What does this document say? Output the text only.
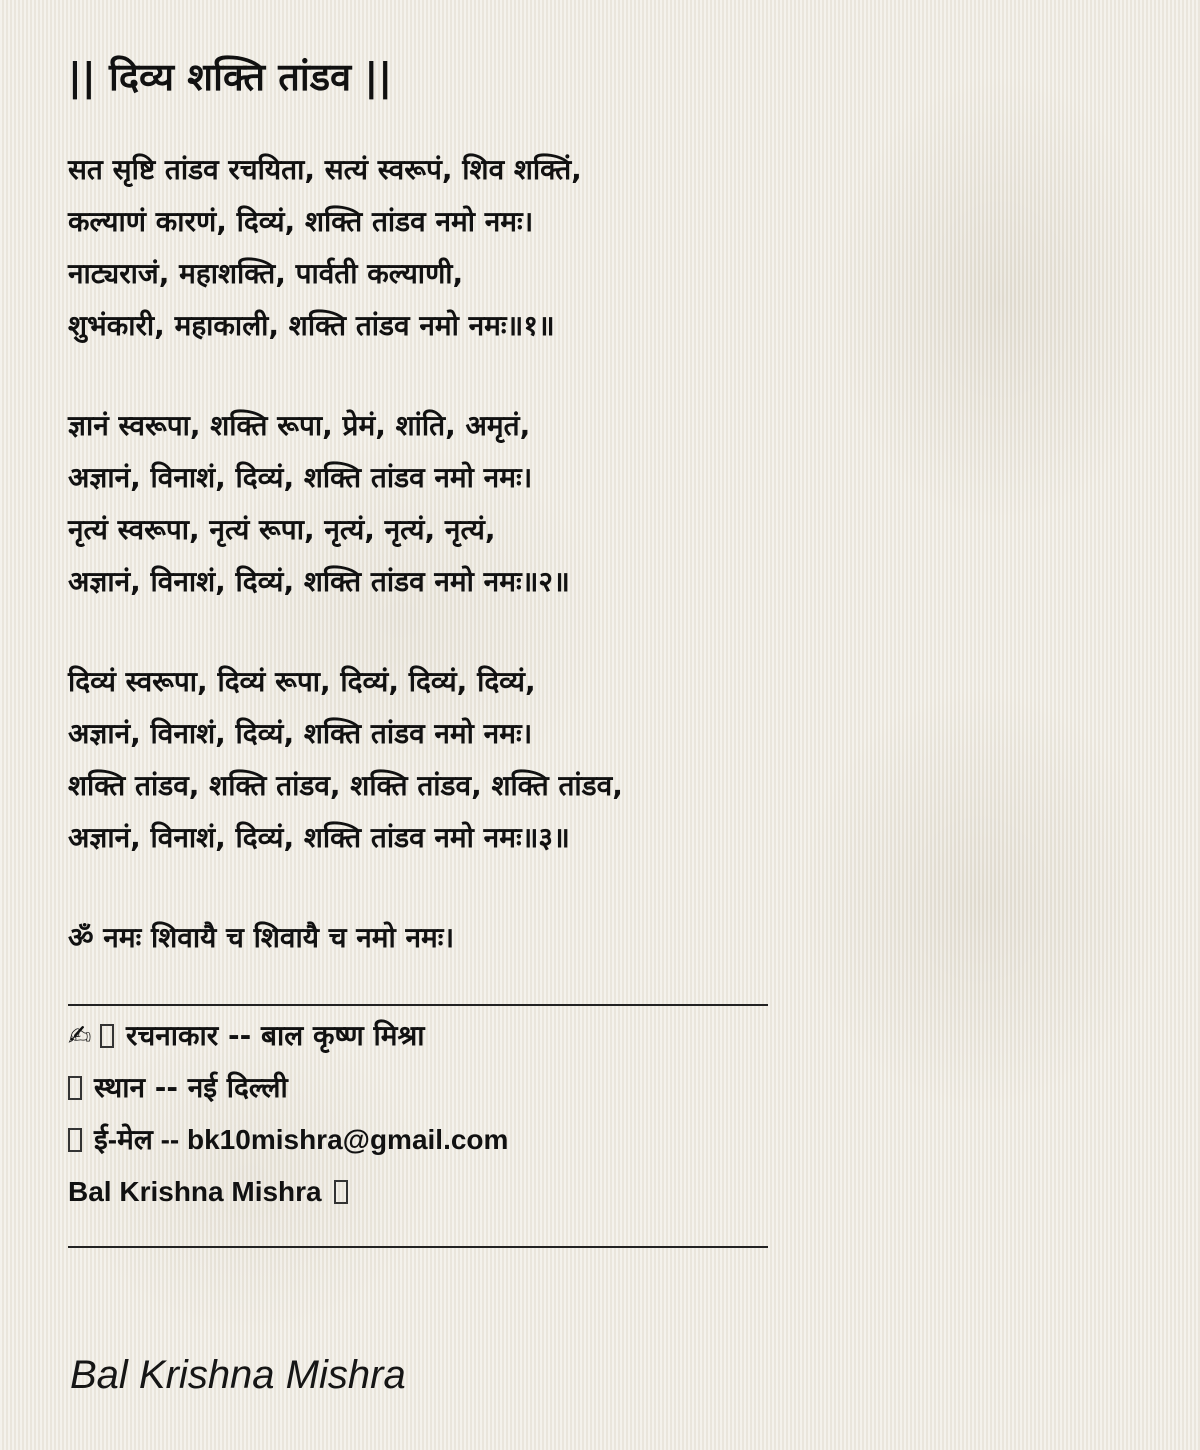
|| दिव्य शक्ति तांडव ||
सत सृष्टि तांडव रचयिता, सत्यं स्वरूपं, शिव शक्तिं,
कल्याणं कारणं, दिव्यं, शक्ति तांडव नमो नमः।
नाट्यराजं, महाशक्ति, पार्वती कल्याणी,
शुभंकारी, महाकाली, शक्ति तांडव नमो नमः॥१॥
ज्ञानं स्वरूपा, शक्ति रूपा, प्रेमं, शांति, अमृतं,
अज्ञानं, विनाशं, दिव्यं, शक्ति तांडव नमो नमः।
नृत्यं स्वरूपा, नृत्यं रूपा, नृत्यं, नृत्यं, नृत्यं,
अज्ञानं, विनाशं, दिव्यं, शक्ति तांडव नमो नमः॥२॥
दिव्यं स्वरूपा, दिव्यं रूपा, दिव्यं, दिव्यं, दिव्यं,
अज्ञानं, विनाशं, दिव्यं, शक्ति तांडव नमो नमः।
शक्ति तांडव, शक्ति तांडव, शक्ति तांडव, शक्ति तांडव,
अज्ञानं, विनाशं, दिव्यं, शक्ति तांडव नमो नमः॥३॥
ॐ नमः शिवायै च शिवायै च नमो नमः।
✍ रचनाकार -- बाल कृष्ण मिश्रा
स्थान -- नई दिल्ली
ई-मेल -- bk10mishra@gmail.com
Bal Krishna Mishra
Bal Krishna Mishra
